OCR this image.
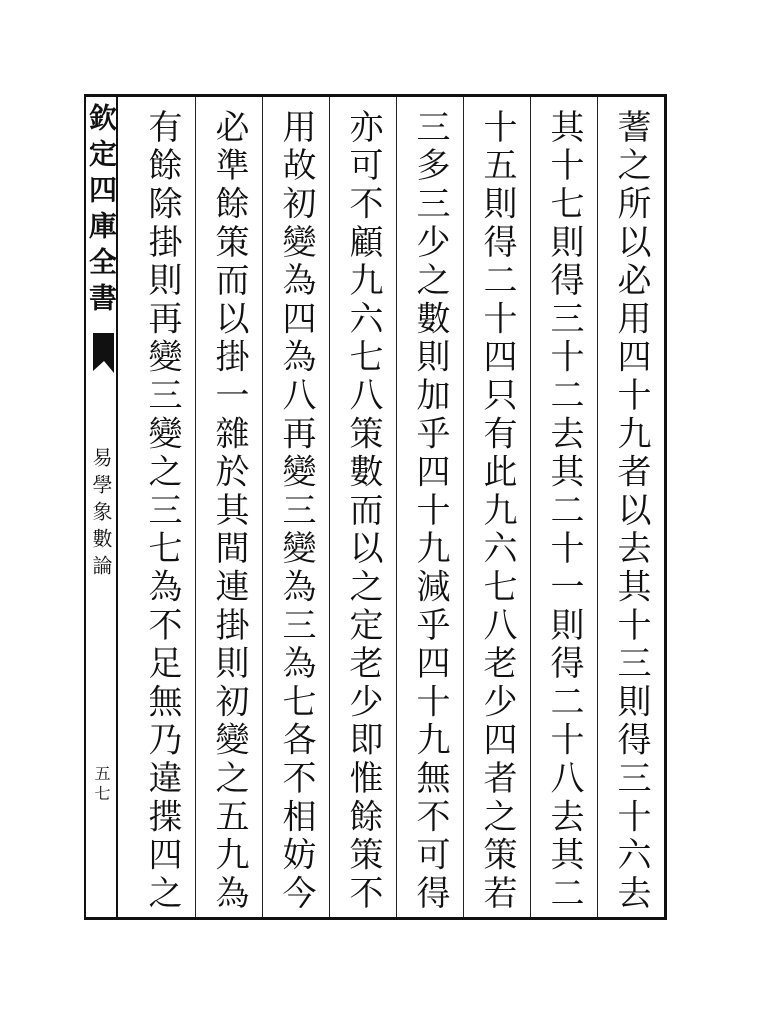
欽定四庫全書
易學象數論
五七	蓍之所以必用四十九者以去其十三則得三十六去
其十七則得三十二去其二十一則得二十八去其二
十五則得二十四只有此九六七八老少四者之策若
三多三少之數則加乎四十九減乎四十九無不可得
亦可不顧九六七八策數而以之定老少即惟餘策不
用故初變為四為八再變三變為三為七各不相妨今
必準餘策而以掛一雜於其間連掛則初變之五九為
有餘除掛則再變三變之三七為不足無乃違揲四之
